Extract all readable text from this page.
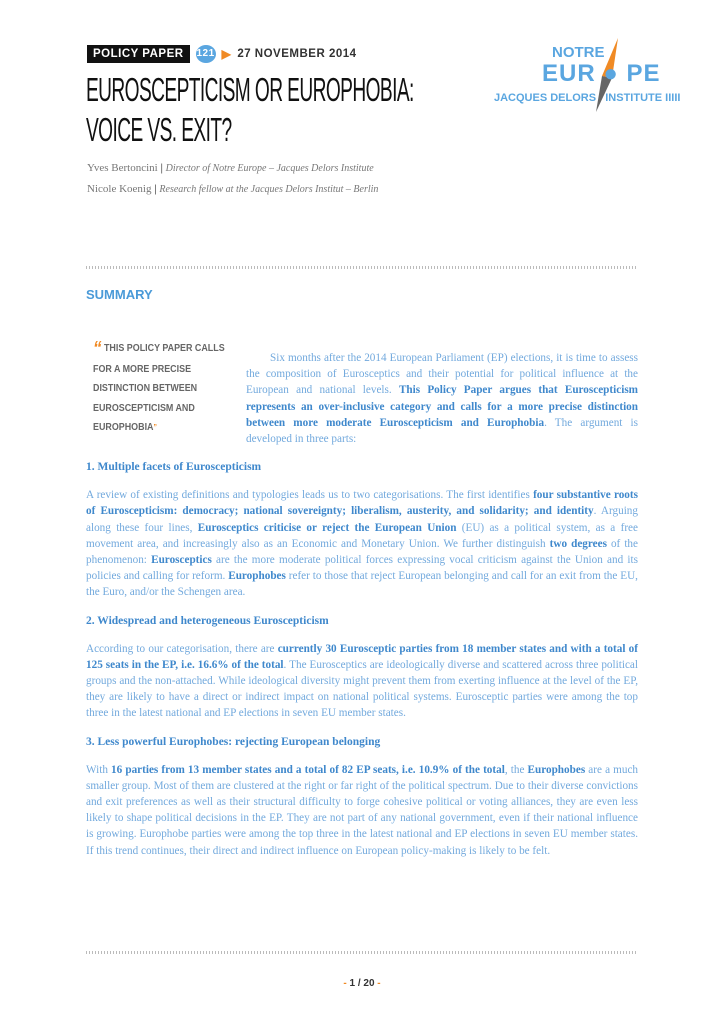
POLICY PAPER	121 ▶ 27 NOVEMBER 2014
EUROSCEPTICISM OR EUROPHOBIA:
VOICE VS. EXIT?
Yves Bertoncini | Director of Notre Europe – Jacques Delors Institute
Nicole Koenig | Research fellow at the Jacques Delors Institut – Berlin
NOTRE
EUR ● PE
JACQUES DELORS INSTITUTE IIIII
SUMMARY
“ THIS POLICY PAPER CALLS FOR A MORE PRECISE DISTINCTION BETWEEN EUROSCEPTICISM AND EUROPHOBIA”
Six months after the 2014 European Parliament (EP) elections, it is time to assess the composition of Eurosceptics and their potential for political influence at the European and national levels. This Policy Paper argues that Euroscepticism represents an over-inclusive category and calls for a more precise distinction between more moderate Euroscepticism and Europhobia. The argument is developed in three parts:
1. Multiple facets of Euroscepticism
A review of existing definitions and typologies leads us to two categorisations. The first identifies four substantive roots of Euroscepticism: democracy; national sovereignty; liberalism, austerity, and solidarity; and identity. Arguing along these four lines, Eurosceptics criticise or reject the European Union (EU) as a political system, as a free movement area, and increasingly also as an Economic and Monetary Union. We further distinguish two degrees of the phenomenon: Eurosceptics are the more moderate political forces expressing vocal criticism against the Union and its policies and calling for reform. Europhobes refer to those that reject European belonging and call for an exit from the EU, the Euro, and/or the Schengen area.
2. Widespread and heterogeneous Euroscepticism
According to our categorisation, there are currently 30 Eurosceptic parties from 18 member states and with a total of 125 seats in the EP, i.e. 16.6% of the total. The Eurosceptics are ideologically diverse and scattered across three political groups and the non-attached. While ideological diversity might prevent them from exerting influence at the level of the EP, they are likely to have a direct or indirect impact on national political systems. Eurosceptic parties were among the top three in the latest national and EP elections in seven EU member states.
3. Less powerful Europhobes: rejecting European belonging
With 16 parties from 13 member states and a total of 82 EP seats, i.e. 10.9% of the total, the Europhobes are a much smaller group. Most of them are clustered at the right or far right of the political spectrum. Due to their diverse convictions and exit preferences as well as their structural difficulty to forge cohesive political or voting alliances, they are even less likely to shape political decisions in the EP. They are not part of any national government, even if their national influence is growing. Europhobe parties were among the top three in the latest national and EP elections in seven EU member states. If this trend continues, their direct and indirect influence on European policy-making is likely to be felt.
- 1 / 20 -
